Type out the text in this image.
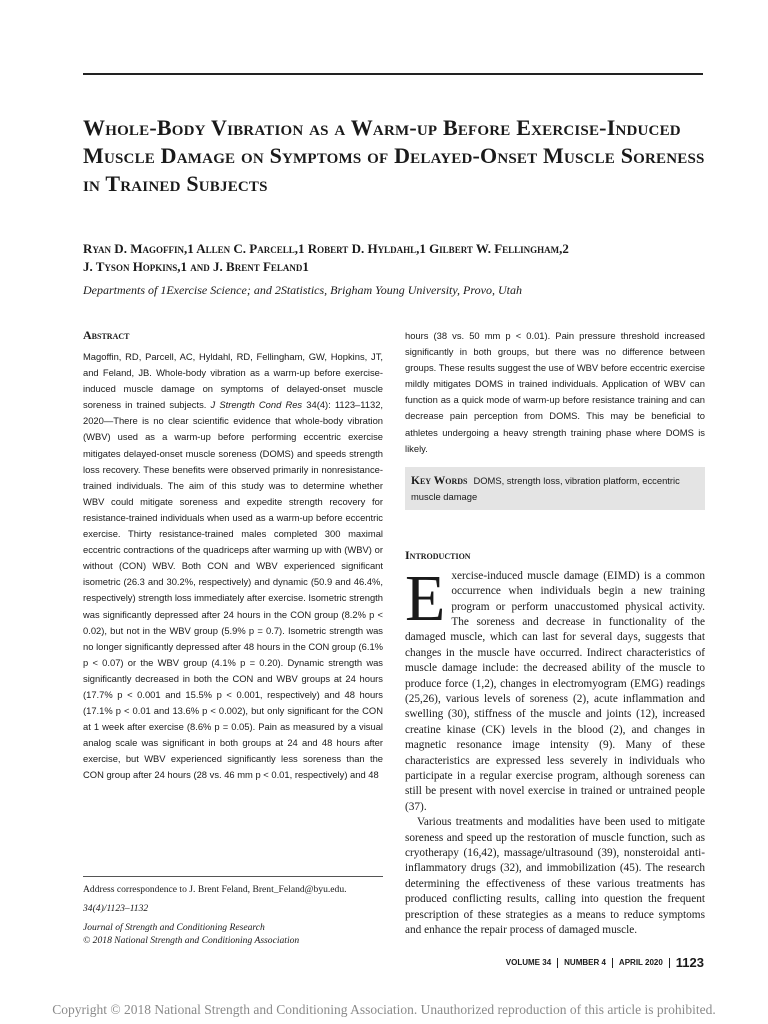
Whole-Body Vibration as a Warm-up Before Exercise-Induced Muscle Damage on Symptoms of Delayed-Onset Muscle Soreness in Trained Subjects
Ryan D. Magoffin,1 Allen C. Parcell,1 Robert D. Hyldahl,1 Gilbert W. Fellingham,2
J. Tyson Hopkins,1 and J. Brent Feland1
Departments of 1Exercise Science; and 2Statistics, Brigham Young University, Provo, Utah
Abstract

Magoffin, RD, Parcell, AC, Hyldahl, RD, Fellingham, GW, Hopkins, JT, and Feland, JB. Whole-body vibration as a warm-up before exercise-induced muscle damage on symptoms of delayed-onset muscle soreness in trained subjects. J Strength Cond Res 34(4): 1123–1132, 2020—There is no clear scientific evidence that whole-body vibration (WBV) used as a warm-up before performing eccentric exercise mitigates delayed-onset muscle soreness (DOMS) and speeds strength loss recovery. These benefits were observed primarily in nonresistance-trained individuals. The aim of this study was to determine whether WBV could mitigate soreness and expedite strength recovery for resistance-trained individuals when used as a warm-up before eccentric exercise. Thirty resistance-trained males completed 300 maximal eccentric contractions of the quadriceps after warming up with (WBV) or without (CON) WBV. Both CON and WBV experienced significant isometric (26.3 and 30.2%, respectively) and dynamic (50.9 and 46.4%, respectively) strength loss immediately after exercise. Isometric strength was significantly depressed after 24 hours in the CON group (8.2% p < 0.02), but not in the WBV group (5.9% p = 0.7). Isometric strength was no longer significantly depressed after 48 hours in the CON group (6.1% p < 0.07) or the WBV group (4.1% p = 0.20). Dynamic strength was significantly decreased in both the CON and WBV groups at 24 hours (17.7% p < 0.001 and 15.5% p < 0.001, respectively) and 48 hours (17.1% p < 0.01 and 13.6% p < 0.002), but only significant for the CON at 1 week after exercise (8.6% p = 0.05). Pain as measured by a visual analog scale was significant in both groups at 24 and 48 hours after exercise, but WBV experienced significantly less soreness than the CON group after 24 hours (28 vs. 46 mm p < 0.01, respectively) and 48

hours (38 vs. 50 mm p < 0.01). Pain pressure threshold increased significantly in both groups, but there was no difference between groups. These results suggest the use of WBV before eccentric exercise mildly mitigates DOMS in trained individuals. Application of WBV can function as a quick mode of warm-up before resistance training and can decrease pain perception from DOMS. This may be beneficial to athletes undergoing a heavy strength training phase where DOMS is likely.

Key Words DOMS, strength loss, vibration platform, eccentric muscle damage
Introduction

Exercise-induced muscle damage (EIMD) is a common occurrence when individuals begin a new training program or perform unaccustomed physical activity. The soreness and decrease in functionality of the damaged muscle, which can last for several days, suggests that changes in the muscle have occurred. Indirect characteristics of muscle damage include: the decreased ability of the muscle to produce force (1,2), changes in electromyogram (EMG) readings (25,26), various levels of soreness (2), acute inflammation and swelling (30), stiffness of the muscle and joints (12), increased creatine kinase (CK) levels in the blood (2), and changes in magnetic resonance image intensity (9). Many of these characteristics are expressed less severely in individuals who participate in a regular exercise program, although soreness can still be present with novel exercise in trained or untrained people (37).

Various treatments and modalities have been used to mitigate soreness and speed up the restoration of muscle function, such as cryotherapy (16,42), massage/ultrasound (39), nonsteroidal anti-inflammatory drugs (32), and immobilization (45). The research determining the effectiveness of these various treatments has produced conflicting results, calling into question the frequent prescription of these strategies as a means to reduce symptoms and enhance the repair process of damaged muscle.

Address correspondence to J. Brent Feland, Brent_Feland@byu.edu.

34(4)/1123–1132

Journal of Strength and Conditioning Research

© 2018 National Strength and Conditioning Association

VOLUME 34 NUMBER 4 APRIL 2020 1123
Copyright © 2018 National Strength and Conditioning Association. Unauthorized reproduction of this article is prohibited.
